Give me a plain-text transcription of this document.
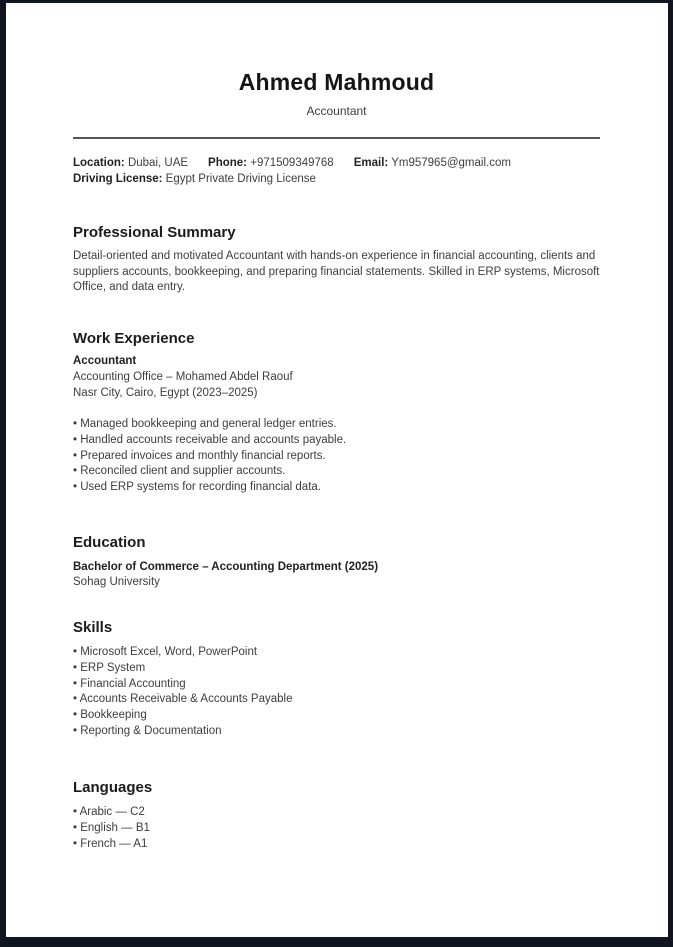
Ahmed Mahmoud
Accountant
Location: Dubai, UAE Phone: +971509349768 Email: Ym957965@gmail.com
Driving License: Egypt Private Driving License
Professional Summary
Detail-oriented and motivated Accountant with hands-on experience in financial accounting, clients and suppliers accounts, bookkeeping, and preparing financial statements. Skilled in ERP systems, Microsoft Office, and data entry.
Work Experience
Accountant
Accounting Office – Mohamed Abdel Raouf
Nasr City, Cairo, Egypt (2023–2025)
• Managed bookkeeping and general ledger entries.
• Handled accounts receivable and accounts payable.
• Prepared invoices and monthly financial reports.
• Reconciled client and supplier accounts.
• Used ERP systems for recording financial data.
Education
Bachelor of Commerce – Accounting Department (2025)
Sohag University
Skills
• Microsoft Excel, Word, PowerPoint
• ERP System
• Financial Accounting
• Accounts Receivable & Accounts Payable
• Bookkeeping
• Reporting & Documentation
Languages
• Arabic — C2
• English — B1
• French — A1
